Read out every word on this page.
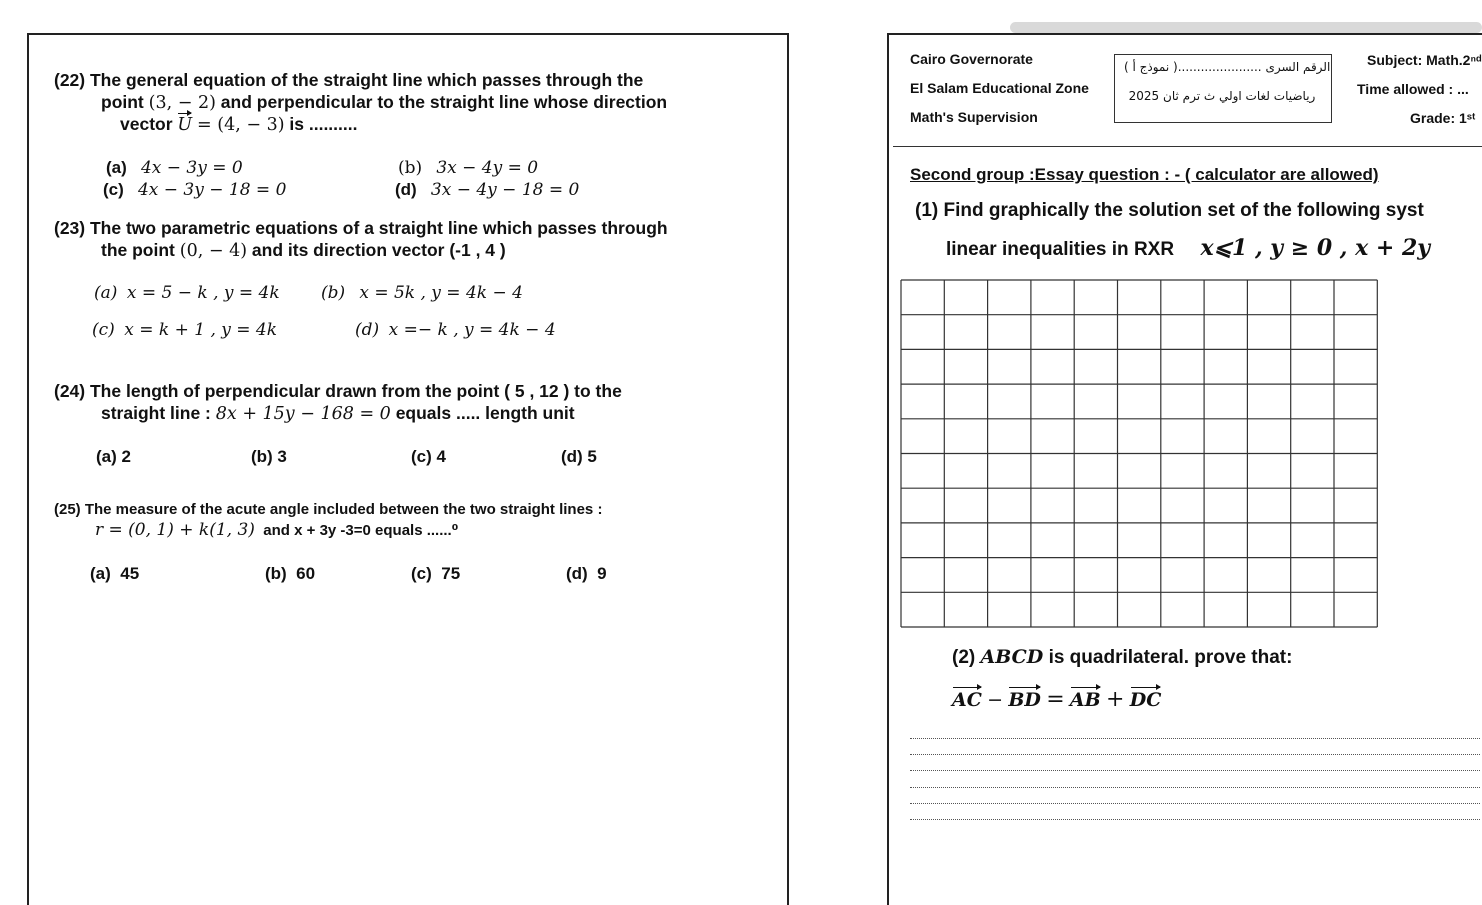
(22) The general equation of the straight line which passes through the
point (3, − 2) and perpendicular to the straight line whose direction
vector U = (4, − 3) is ..........
(a) 4x − 3y = 0	(b) 3x − 4y = 0
(c) 4x − 3y − 18 = 0	(d) 3x − 4y − 18 = 0
(23) The two parametric equations of a straight line which passes through
the point (0, − 4) and its direction vector (-1 , 4 )
(a) x = 5 − k , y = 4k (b) x = 5k , y = 4k − 4
(c) x = k + 1 , y = 4k	(d) x =− k , y = 4k − 4
(24) The length of perpendicular drawn from the point ( 5 , 12 ) to the
straight line : 8x + 15y − 168 = 0 equals ..... length unit
(a) 2	(b) 3	(c) 4	(d) 5
(25) The measure of the acute angle included between the two straight lines :
r = (0, 1) + k(1, 3) and x + 3y -3=0 equals ......⁰
(a) 45	(b) 60	(c) 75	(d) 9
Cairo Governorate
El Salam Educational Zone
Math's Supervision
الرقم السرى ......................( نموذج أ )
رياضيات لغات اولي ث ترم ثان 2025
Subject: Math.2ⁿᵈ
Time allowed : ...
Grade: 1ˢᵗ
Second group :Essay question : - ( calculator are allowed)
(1) Find graphically the solution set of the following syst
linear inequalities in RXR x⩽1 , y ≥ 0 , x + 2y
(2) ABCD is quadrilateral. prove that:
AC − BD = AB + DC
